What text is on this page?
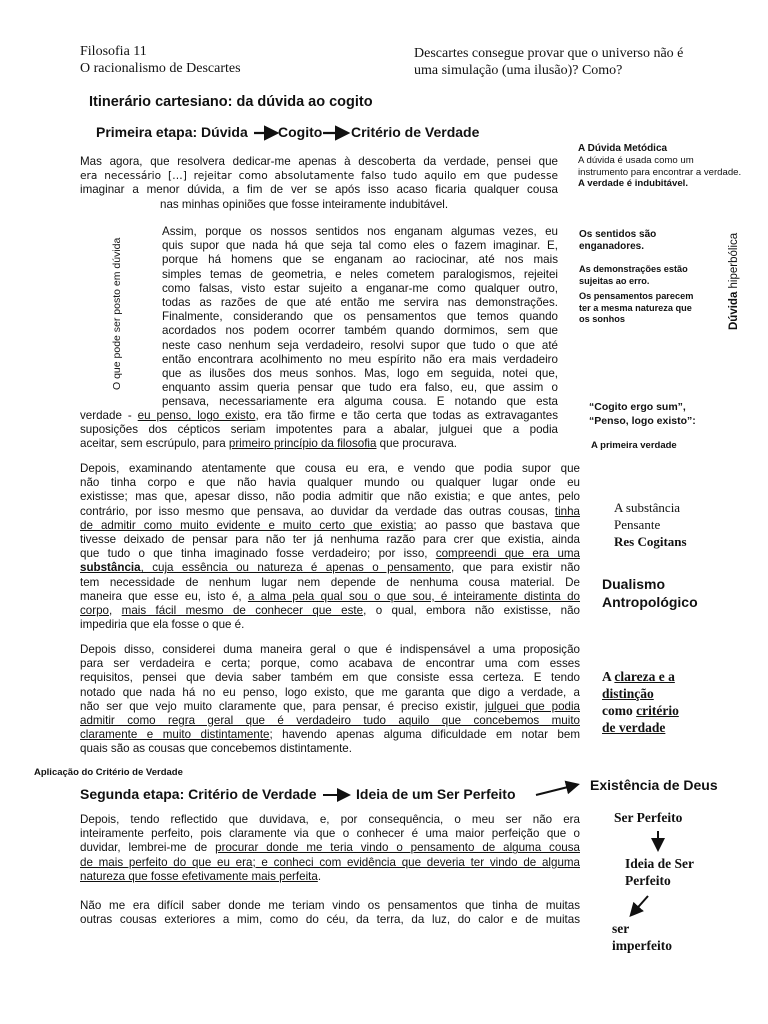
Filosofia 11
O racionalismo de Descartes
Descartes consegue provar que o universo não é
uma simulação (uma ilusão)? Como?
Itinerário cartesiano: da dúvida ao cogito
Primeira etapa: Dúvida Cogito Critério de Verdade
Mas agora, que resolvera dedicar-me apenas à descoberta da verdade, pensei que
era necessário […] rejeitar como absolutamente falso tudo aquilo em que pudesse
imaginar a menor dúvida, a fim de ver se após isso acaso ficaria qualquer cousa
nas minhas opiniões que fosse inteiramente indubitável.
O que pode ser posto em dúvida
Assim, porque os nossos sentidos nos enganam algumas vezes, eu
quis supor que nada há que seja tal como eles o fazem imaginar. E,
porque há homens que se enganam ao raciocinar, até nos mais
simples temas de geometria, e neles cometem paralogismos, rejeitei
como falsas, visto estar sujeito a enganar-me como qualquer outro,
todas as razões de que até então me servira nas demonstrações.
Finalmente, considerando que os pensamentos que temos quando
acordados nos podem ocorrer também quando dormimos, sem que
neste caso nenhum seja verdadeiro, resolvi supor que tudo o que até
então encontrara acolhimento no meu espírito não era mais verdadeiro
que as ilusões dos meus sonhos. Mas, logo em seguida, notei que,
enquanto assim queria pensar que tudo era falso, eu, que assim o
pensava, necessariamente era alguma cousa. E notando que esta
verdade - eu penso, logo existo, era tão firme e tão certa que todas as extravagantes
suposições dos cépticos seriam impotentes para a abalar, julguei que a podia
aceitar, sem escrúpulo, para primeiro princípio da filosofia que procurava.
A Dúvida Metódica
A dúvida é usada como um
instrumento para encontrar a verdade.
A verdade é indubitável.
Os sentidos são
enganadores.
As demonstrações estão
sujeitas ao erro.
Os pensamentos parecem
ter a mesma natureza que
os sonhos	Dúvida hiperbólica
“Cogito ergo sum”,
“Penso, logo existo”:
A primeira verdade
Depois, examinando atentamente que cousa eu era, e vendo que podia supor que
não tinha corpo e que não havia qualquer mundo ou qualquer lugar onde eu
existisse; mas que, apesar disso, não podia admitir que não existia; e que antes, pelo
contrário, por isso mesmo que pensava, ao duvidar da verdade das outras cousas, tinha
de admitir como muito evidente e muito certo que existia; ao passo que bastava que
tivesse deixado de pensar para não ter já nenhuma razão para crer que existia, ainda
que tudo o que tinha imaginado fosse verdadeiro; por isso, compreendi que era uma
substância, cuja essência ou natureza é apenas o pensamento, que para existir não
tem necessidade de nenhum lugar nem depende de nenhuma cousa material. De
maneira que esse eu, isto é, a alma pela qual sou o que sou, é inteiramente distinta do
corpo, mais fácil mesmo de conhecer que este, o qual, embora não existisse, não
impediria que ela fosse o que é.
A substância
Pensante
Res Cogitans
Dualismo
Antropológico
Depois disso, considerei duma maneira geral o que é indispensável a uma proposição
para ser verdadeira e certa; porque, como acabava de encontrar uma com esses
requisitos, pensei que devia saber também em que consiste essa certeza. E tendo
notado que nada há no eu penso, logo existo, que me garanta que digo a verdade, a
não ser que vejo muito claramente que, para pensar, é preciso existir, julguei que podia
admitir como regra geral que é verdadeiro tudo aquilo que concebemos muito
claramente e muito distintamente; havendo apenas alguma dificuldade em notar bem
quais são as cousas que concebemos distintamente.
A clareza e a
distinção
como critério
de verdade
Aplicação do Critério de Verdade
Segunda etapa: Critério de Verdade	Ideia de um Ser Perfeito
Existência de Deus
Depois, tendo reflectido que duvidava, e, por consequência, o meu ser não era
inteiramente perfeito, pois claramente via que o conhecer é uma maior perfeição que o
duvidar, lembrei-me de procurar donde me teria vindo o pensamento de alguma cousa
de mais perfeito do que eu era; e conheci com evidência que deveria ter vindo de alguma
natureza que fosse efetivamente mais perfeita.
Não me era difícil saber donde me teriam vindo os pensamentos que tinha de muitas
outras cousas exteriores a mim, como do céu, da terra, da luz, do calor e de muitas
Ser Perfeito
Ideia de Ser
Perfeito
ser
imperfeito
